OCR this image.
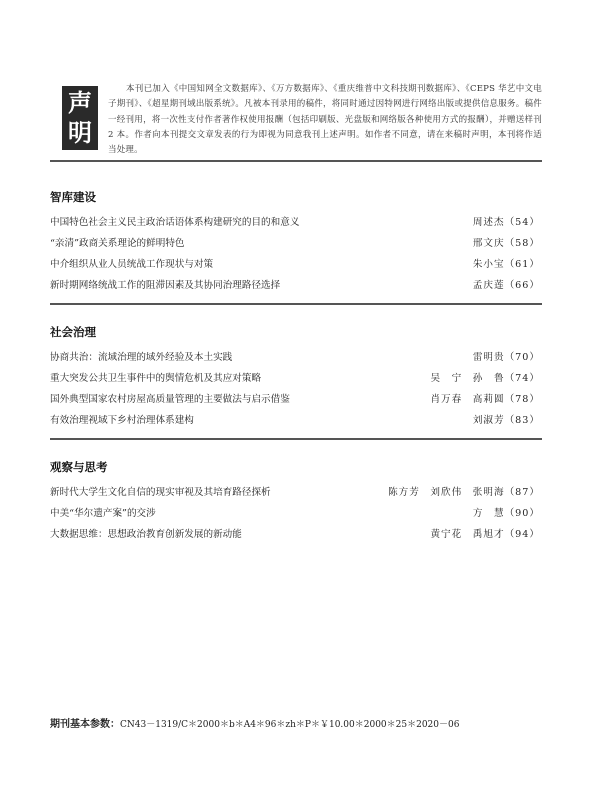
声
明
本刊已加入《中国知网全文数据库》、《万方数据库》、《重庆维普中文科技期刊数据库》、《CEPS 华艺中文电子期刊》、《超星期刊域出版系统》。凡被本刊录用的稿件，将同时通过因特网进行网络出版或提供信息服务。稿件一经刊用，将一次性支付作者著作权使用报酬（包括印刷版、光盘版和网络版各种使用方式的报酬），并赠送样刊 2 本。作者向本刊提交文章发表的行为即视为同意我刊上述声明。如作者不同意，请在来稿时声明，本刊将作适当处理。
智库建设
中国特色社会主义民主政治话语体系构建研究的目的和意义	周述杰（54）
“亲清”政商关系理论的鲜明特色	邢文庆（58）
中介组织从业人员统战工作现状与对策	朱小宝（61）
新时期网络统战工作的阻滞因素及其协同治理路径选择	孟庆莲（66）
社会治理
协商共治：流域治理的域外经验及本土实践	雷明贵（70）
重大突发公共卫生事件中的舆情危机及其应对策略	吴　宁　孙　鲁（74）
国外典型国家农村房屋高质量管理的主要做法与启示借鉴	肖万春　高莉圆（78）
有效治理视域下乡村治理体系建构	刘淑芳（83）
观察与思考
新时代大学生文化自信的现实审视及其培育路径探析	陈方芳　刘欣伟　张明海（87）
中美“华尔遗产案”的交涉	方　慧（90）
大数据思维：思想政治教育创新发展的新动能	黄宁花　禹旭才（94）
期刊基本参数：CN43－1319/C＊2000＊b＊A4＊96＊zh＊P＊￥10.00＊2000＊25＊2020－06
